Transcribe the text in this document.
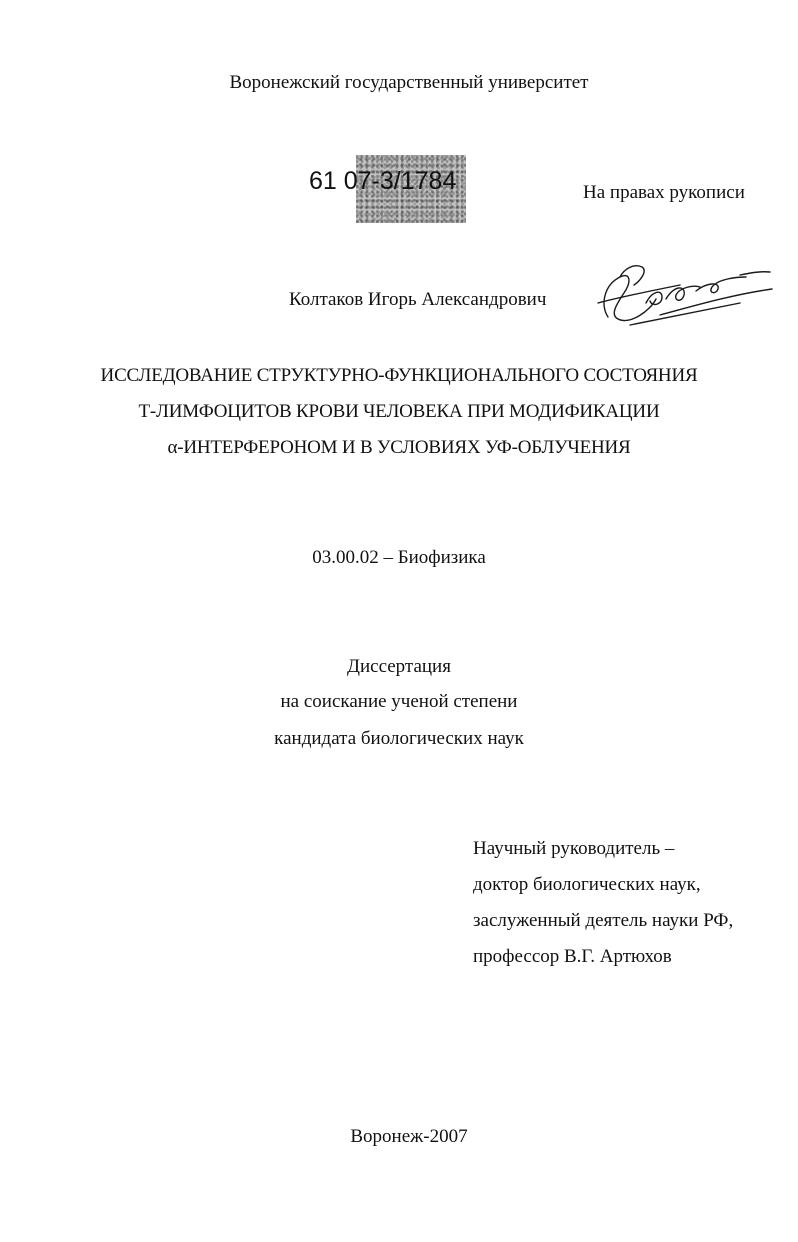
Воронежский государственный университет
61 07-3/1784	На правах рукописи
Колтаков Игорь Александрович
ИССЛЕДОВАНИЕ СТРУКТУРНО-ФУНКЦИОНАЛЬНОГО СОСТОЯНИЯ
Т-ЛИМФОЦИТОВ КРОВИ ЧЕЛОВЕКА ПРИ МОДИФИКАЦИИ
α-ИНТЕРФЕРОНОМ И В УСЛОВИЯХ УФ-ОБЛУЧЕНИЯ
03.00.02 – Биофизика
Диссертация
на соискание ученой степени
кандидата биологических наук
Научный руководитель –
доктор биологических наук,
заслуженный деятель науки РФ,
профессор В.Г. Артюхов
Воронеж-2007
